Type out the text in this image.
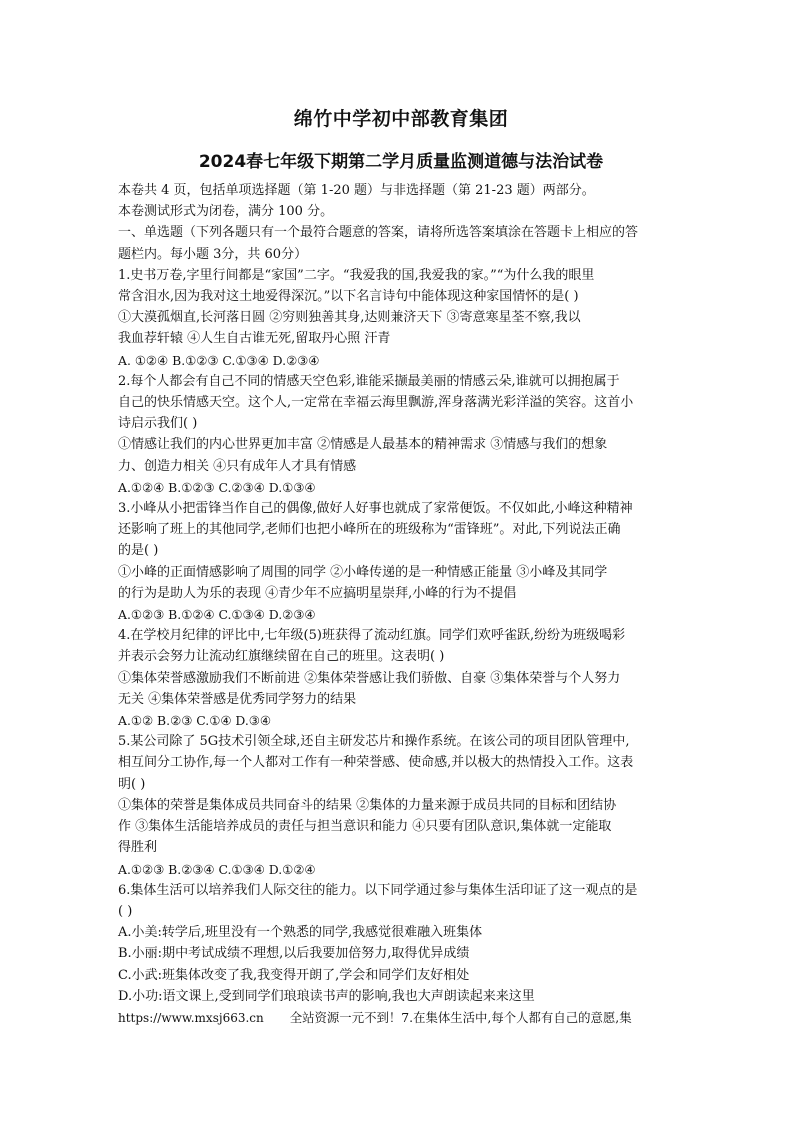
绵竹中学初中部教育集团
2024春七年级下期第二学月质量监测道德与法治试卷
本卷共 4 页，包括单项选择题（第 1-20 题）与非选择题（第 21-23 题）两部分。
本卷测试形式为闭卷，满分 100 分。
一、单选题（下列各题只有一个最符合题意的答案，请将所选答案填涂在答题卡上相应的答
题栏内。每小题 3分，共 60分）
1.史书万卷,字里行间都是“家国”二字。“我爱我的国,我爱我的家。”“为什么我的眼里
常含泪水,因为我对这土地爱得深沉。”以下名言诗句中能体现这种家国情怀的是( )
①大漠孤烟直,长河落日圆 ②穷则独善其身,达则兼济天下 ③寄意寒星荃不察,我以
我血荐轩辕 ④人生自古谁无死,留取丹心照 汗青
A. ①②④ B.①②③ C.①③④ D.②③④
2.每个人都会有自己不同的情感天空色彩,谁能采撷最美丽的情感云朵,谁就可以拥抱属于
自己的快乐情感天空。这个人,一定常在幸福云海里飘游,浑身落满光彩洋溢的笑容。这首小
诗启示我们( )
①情感让我们的内心世界更加丰富 ②情感是人最基本的精神需求 ③情感与我们的想象
力、创造力相关 ④只有成年人才具有情感
A.①②④ B.①②③ C.②③④ D.①③④
3.小峰从小把雷锋当作自己的偶像,做好人好事也就成了家常便饭。不仅如此,小峰这种精神
还影响了班上的其他同学,老师们也把小峰所在的班级称为“雷锋班”。对此,下列说法正确
的是( )
①小峰的正面情感影响了周围的同学 ②小峰传递的是一种情感正能量 ③小峰及其同学
的行为是助人为乐的表现 ④青少年不应搞明星崇拜,小峰的行为不提倡
A.①②③ B.①②④ C.①③④ D.②③④
4.在学校月纪律的评比中,七年级(5)班获得了流动红旗。同学们欢呼雀跃,纷纷为班级喝彩
并表示会努力让流动红旗继续留在自己的班里。这表明( )
①集体荣誉感激励我们不断前进 ②集体荣誉感让我们骄傲、自豪 ③集体荣誉与个人努力
无关 ④集体荣誉感是优秀同学努力的结果
A.①② B.②③ C.①④ D.③④
5.某公司除了 5G技术引领全球,还自主研发芯片和操作系统。在该公司的项目团队管理中,
相互间分工协作,每一个人都对工作有一种荣誉感、使命感,并以极大的热情投入工作。这表
明( )
①集体的荣誉是集体成员共同奋斗的结果 ②集体的力量来源于成员共同的目标和团结协
作 ③集体生活能培养成员的责任与担当意识和能力 ④只要有团队意识,集体就一定能取
得胜利
A.①②③ B.②③④ C.①③④ D.①②④
6.集体生活可以培养我们人际交往的能力。以下同学通过参与集体生活印证了这一观点的是
( )
A.小美:转学后,班里没有一个熟悉的同学,我感觉很难融入班集体
B.小丽:期中考试成绩不理想,以后我要加倍努力,取得优异成绩
C.小武:班集体改变了我,我变得开朗了,学会和同学们友好相处
D.小功:语文课上,受到同学们琅琅读书声的影响,我也大声朗读起来来这里
https://www.mxsj663.cn 全站资源一元不到！7.在集体生活中,每个人都有自己的意愿,集
